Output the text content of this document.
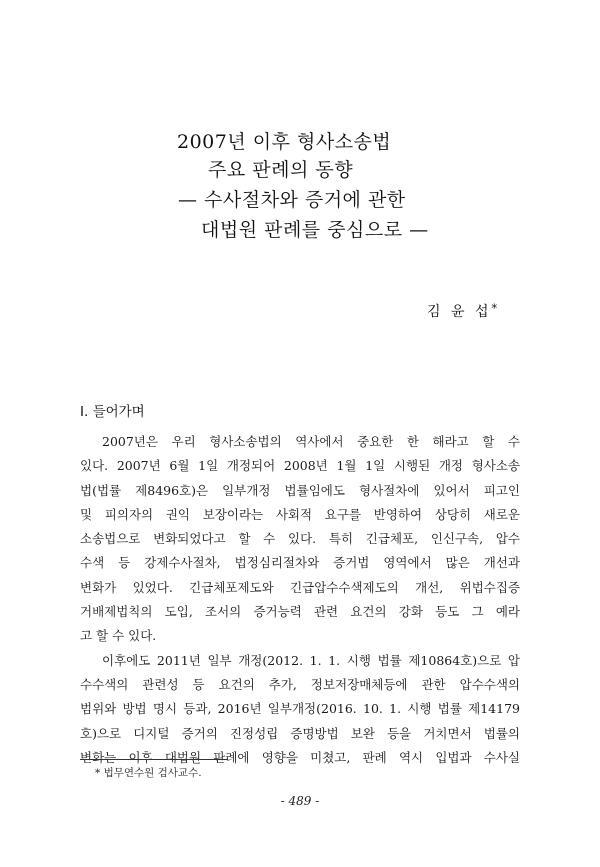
2007년 이후 형사소송법
주요 판례의 동향
— 수사절차와 증거에 관한
대법원 판례를 중심으로 —
김 윤 섭*
Ⅰ. 들어가며
2007년은 우리 형사소송법의 역사에서 중요한 한 해라고 할 수
있다. 2007년 6월 1일 개정되어 2008년 1월 1일 시행된 개정 형사소송
법(법률 제8496호)은 일부개정 법률임에도 형사절차에 있어서 피고인
및 피의자의 권익 보장이라는 사회적 요구를 반영하여 상당히 새로운
소송법으로 변화되었다고 할 수 있다. 특히 긴급체포, 인신구속, 압수
수색 등 강제수사절차, 법정심리절차와 증거법 영역에서 많은 개선과
변화가 있었다. 긴급체포제도와 긴급압수수색제도의 개선, 위법수집증
거배제법칙의 도입, 조서의 증거능력 관련 요건의 강화 등도 그 예라
고 할 수 있다.
이후에도 2011년 일부 개정(2012. 1. 1. 시행 법률 제10864호)으로 압
수수색의 관련성 등 요건의 추가, 정보저장매체등에 관한 압수수색의
범위와 방법 명시 등과, 2016년 일부개정(2016. 10. 1. 시행 법률 제14179
호)으로 디지털 증거의 진정성립 증명방법 보완 등을 거치면서 법률의
변화는 이후 대법원 판례에 영향을 미쳤고, 판례 역시 입법과 수사실
* 법무연수원 검사교수.
- 489 -
